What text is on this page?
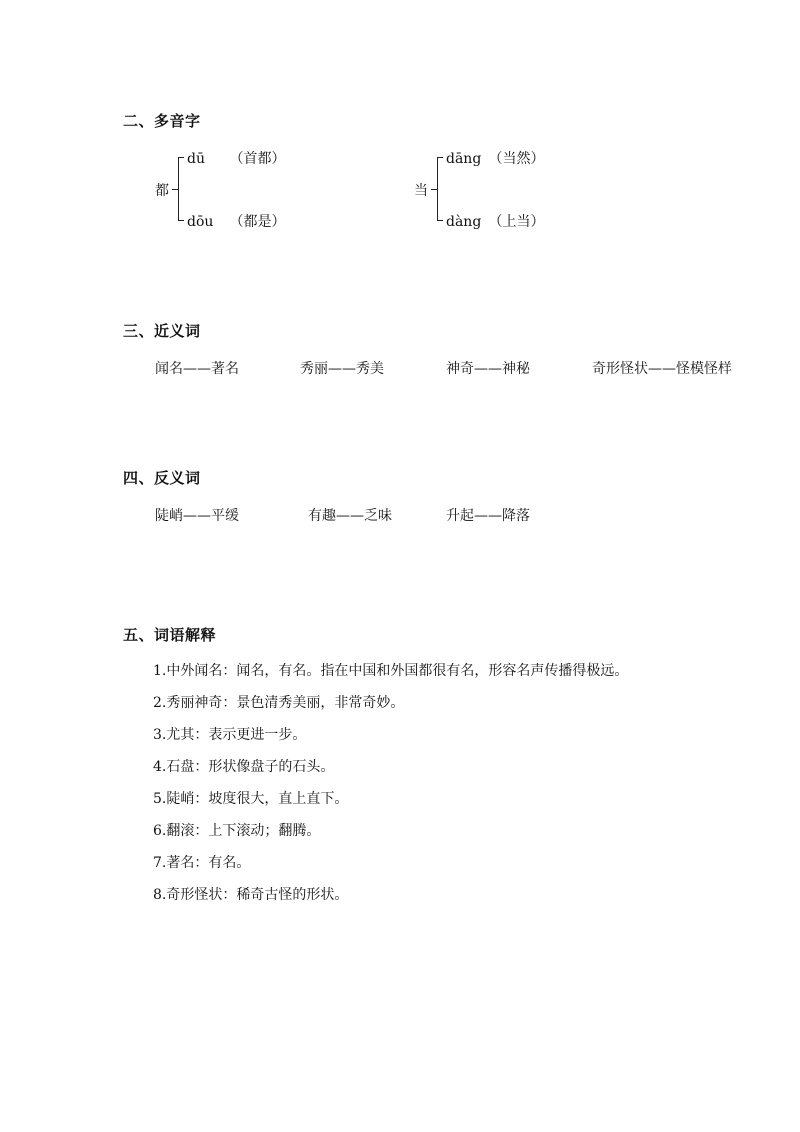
二、多音字
都
dū （首都）
dōu （都是）
当
dāng （当然）
dàng （上当）
三、近义词
闻名——著名	秀丽——秀美	神奇——神秘	奇形怪状——怪模怪样
四、反义词
陡峭——平缓	有趣——乏味	升起——降落
五、词语解释
1.中外闻名：闻名，有名。指在中国和外国都很有名，形容名声传播得极远。
2.秀丽神奇：景色清秀美丽，非常奇妙。
3.尤其：表示更进一步。
4.石盘：形状像盘子的石头。
5.陡峭：坡度很大，直上直下。
6.翻滚：上下滚动；翻腾。
7.著名：有名。
8.奇形怪状：稀奇古怪的形状。
